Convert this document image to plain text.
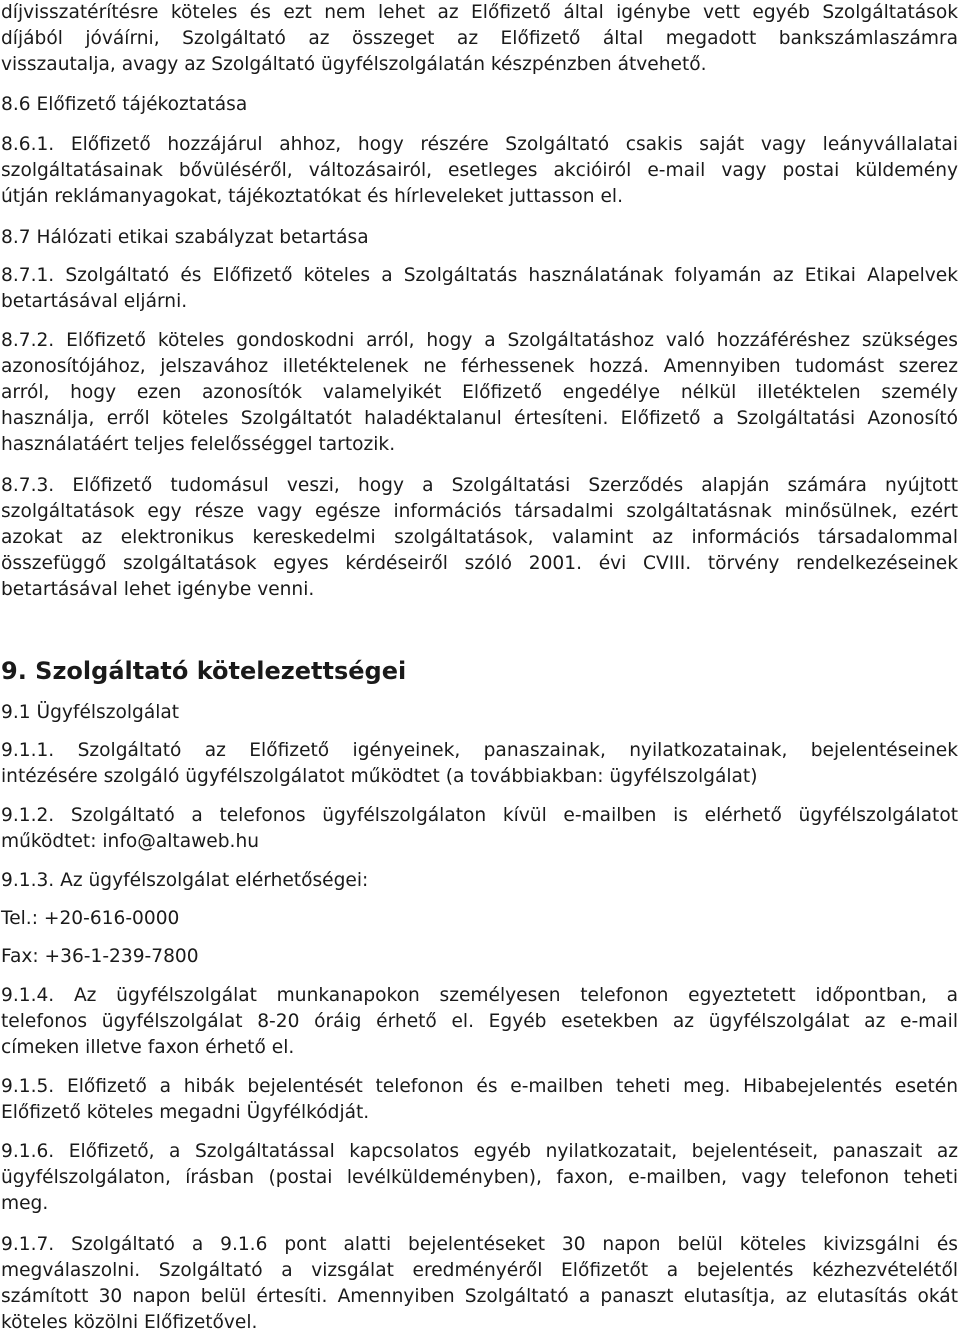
díjvisszatérítésre köteles és ezt nem lehet az Előfizető által igénybe vett egyéb Szolgáltatások
díjából jóváírni, Szolgáltató az összeget az Előfizető által megadott bankszámlaszámra
visszautalja, avagy az Szolgáltató ügyfélszolgálatán készpénzben átvehető.

8.6 Előfizető tájékoztatása

8.6.1. Előfizető hozzájárul ahhoz, hogy részére Szolgáltató csakis saját vagy leányvállalatai
szolgáltatásainak bővüléséről, változásairól, esetleges akcióiról e-mail vagy postai küldemény
útján reklámanyagokat, tájékoztatókat és hírleveleket juttasson el.

8.7 Hálózati etikai szabályzat betartása

8.7.1. Szolgáltató és Előfizető köteles a Szolgáltatás használatának folyamán az Etikai Alapelvek
betartásával eljárni.
8.7.2. Előfizető köteles gondoskodni arról, hogy a Szolgáltatáshoz való hozzáféréshez szükséges
azonosítójához, jelszavához illetéktelenek ne férhessenek hozzá. Amennyiben tudomást szerez
arról, hogy ezen azonosítók valamelyikét Előfizető engedélye nélkül illetéktelen személy
használja, erről köteles Szolgáltatót haladéktalanul értesíteni. Előfizető a Szolgáltatási Azonosító
használatáért teljes felelősséggel tartozik.
8.7.3. Előfizető tudomásul veszi, hogy a Szolgáltatási Szerződés alapján számára nyújtott
szolgáltatások egy része vagy egésze információs társadalmi szolgáltatásnak minősülnek, ezért
azokat az elektronikus kereskedelmi szolgáltatások, valamint az információs társadalommal
összefüggő szolgáltatások egyes kérdéseiről szóló 2001. évi CVIII. törvény rendelkezéseinek
betartásával lehet igénybe venni.

9. Szolgáltató kötelezettségei

9.1 Ügyfélszolgálat

9.1.1. Szolgáltató az Előfizető igényeinek, panaszainak, nyilatkozatainak, bejelentéseinek
intézésére szolgáló ügyfélszolgálatot működtet (a továbbiakban: ügyfélszolgálat)
9.1.2. Szolgáltató a telefonos ügyfélszolgálaton kívül e-mailben is elérhető ügyfélszolgálatot
működtet: info@altaweb.hu

9.1.3. Az ügyfélszolgálat elérhetőségei:

Tel.: +20-616-0000

Fax: +36-1-239-7800

9.1.4. Az ügyfélszolgálat munkanapokon személyesen telefonon egyeztetett időpontban, a
telefonos ügyfélszolgálat 8-20 óráig érhető el. Egyéb esetekben az ügyfélszolgálat az e-mail
címeken illetve faxon érhető el.
9.1.5. Előfizető a hibák bejelentését telefonon és e-mailben teheti meg. Hibabejelentés esetén
Előfizető köteles megadni Ügyfélkódját.
9.1.6. Előfizető, a Szolgáltatással kapcsolatos egyéb nyilatkozatait, bejelentéseit, panaszait az
ügyfélszolgálaton, írásban (postai levélküldeményben), faxon, e-mailben, vagy telefonon teheti
meg.
9.1.7. Szolgáltató a 9.1.6 pont alatti bejelentéseket 30 napon belül köteles kivizsgálni és
megválaszolni. Szolgáltató a vizsgálat eredményéről Előfizetőt a bejelentés kézhezvételétől
számított 30 napon belül értesíti. Amennyiben Szolgáltató a panaszt elutasítja, az elutasítás okát
köteles közölni Előfizetővel.
